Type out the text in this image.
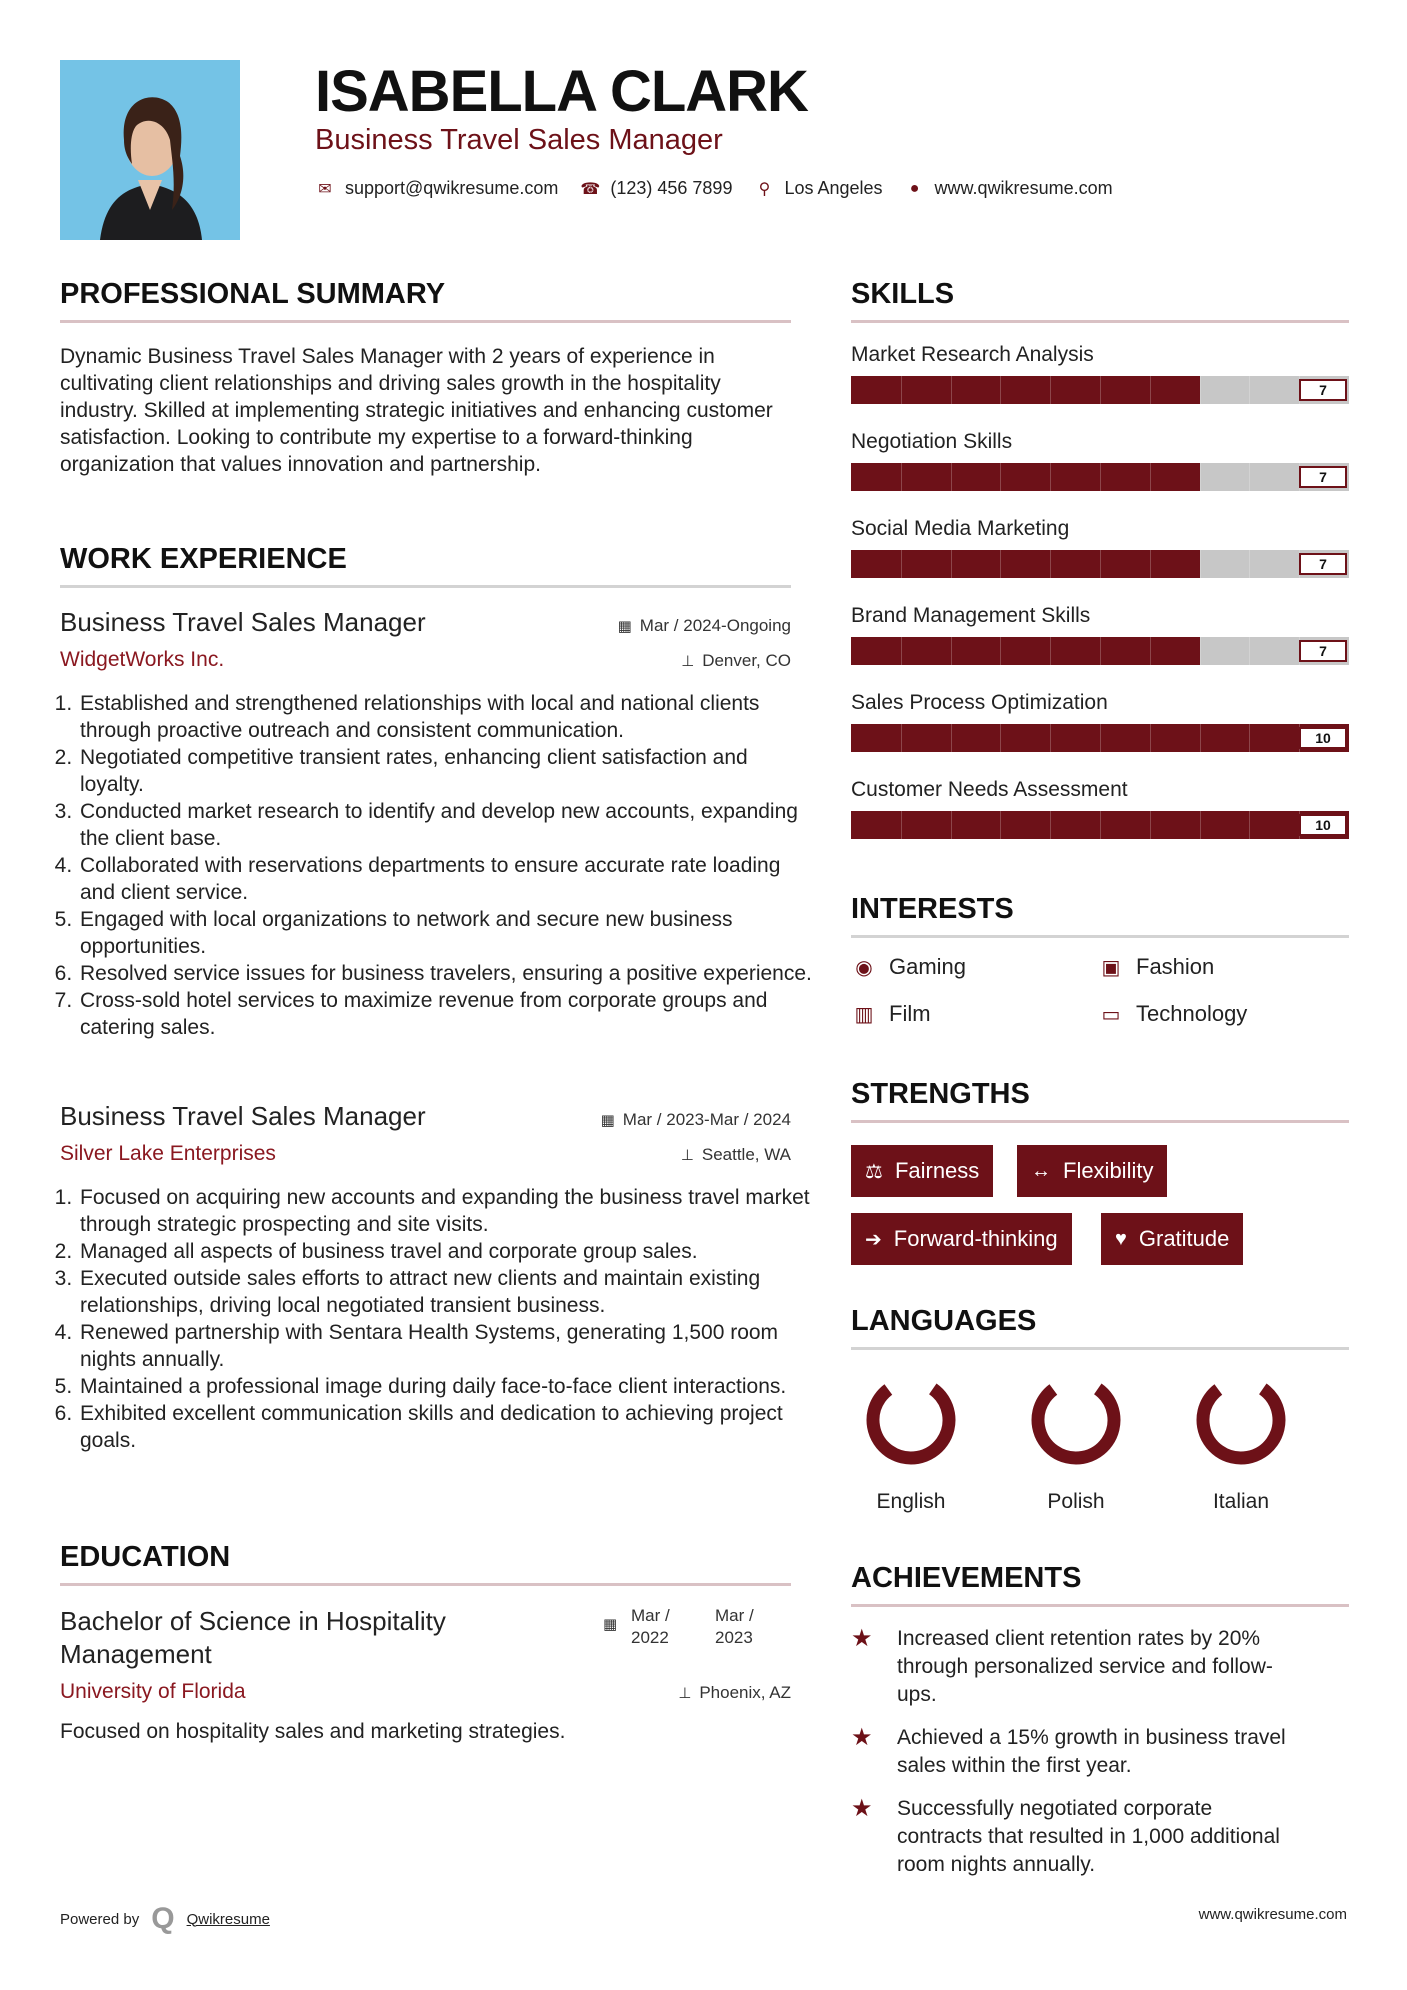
ISABELLA CLARK
Business Travel Sales Manager
✉ support@qwikresume.com ☎ (123) 456 7899 ⚲ Los Angeles	● www.qwikresume.com
PROFESSIONAL SUMMARY
Dynamic Business Travel Sales Manager with 2 years of experience in cultivating client relationships and driving sales growth in the hospitality industry. Skilled at implementing strategic initiatives and enhancing customer satisfaction. Looking to contribute my expertise to a forward-thinking organization that values innovation and partnership.
WORK EXPERIENCE
Business Travel Sales Manager	▦ Mar / 2024-Ongoing
WidgetWorks Inc.	⊥ Denver, CO
1. Established and strengthened relationships with local and national clients through proactive outreach and consistent communication.
2. Negotiated competitive transient rates, enhancing client satisfaction and loyalty.
3. Conducted market research to identify and develop new accounts, expanding the client base.
4. Collaborated with reservations departments to ensure accurate rate loading and client service.
5. Engaged with local organizations to network and secure new business opportunities.
6. Resolved service issues for business travelers, ensuring a positive experience.
7. Cross-sold hotel services to maximize revenue from corporate groups and catering sales.
Business Travel Sales Manager	▦ Mar / 2023-Mar / 2024
Silver Lake Enterprises	⊥ Seattle, WA
1. Focused on acquiring new accounts and expanding the business travel market through strategic prospecting and site visits.
2. Managed all aspects of business travel and corporate group sales.
3. Executed outside sales efforts to attract new clients and maintain existing relationships, driving local negotiated transient business.
4. Renewed partnership with Sentara Health Systems, generating 1,500 room nights annually.
5. Maintained a professional image during daily face-to-face client interactions.
6. Exhibited excellent communication skills and dedication to achieving project goals.
EDUCATION
Bachelor of Science in Hospitality
Management
▦ Mar /
2022
Mar /
2023
University of Florida	⊥ Phoenix, AZ
Focused on hospitality sales and marketing strategies.
SKILLS
Market Research Analysis
7
Negotiation Skills
7
Social Media Marketing
7
Brand Management Skills
7
Sales Process Optimization
10
Customer Needs Assessment
10
INTERESTS
◉ Gaming	▣ Fashion
▥ Film	▭ Technology
STRENGTHS
⚖ Fairness	↔ Flexibility
➔ Forward-thinking	♥ Gratitude
LANGUAGES
English	Polish	Italian
ACHIEVEMENTS
★	Increased client retention rates by 20%
through personalized service and follow-
ups.
★	Achieved a 15% growth in business travel
sales within the first year.
★	Successfully negotiated corporate
contracts that resulted in 1,000 additional
room nights annually.
Powered by Q Qwikresume	www.qwikresume.com
